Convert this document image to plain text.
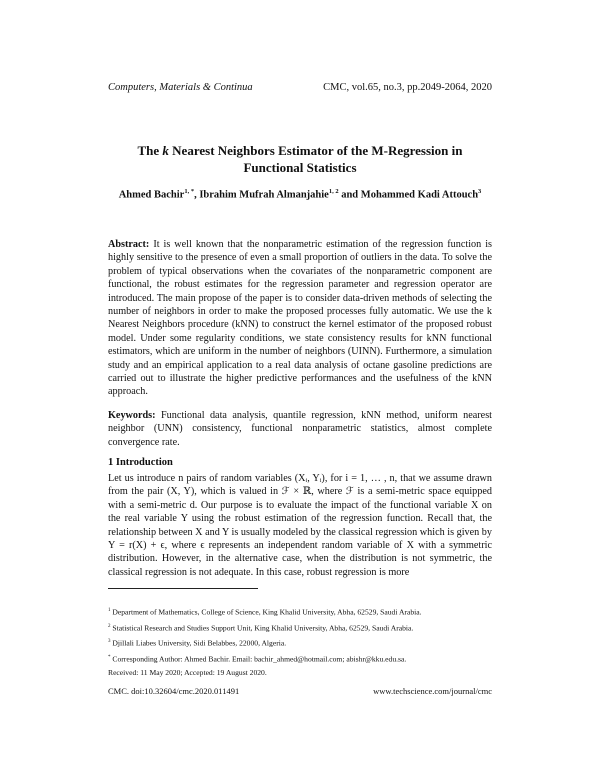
Computers, Materials & Continua	CMC, vol.65, no.3, pp.2049-2064, 2020
The k Nearest Neighbors Estimator of the M-Regression in
Functional Statistics
Ahmed Bachir$^{1, *}$, Ibrahim Mufrah Almanjahie$^{1, 2}$ and Mohammed Kadi Attouch$^3$
Abstract: It is well known that the nonparametric estimation of the regression function is highly sensitive to the presence of even a small proportion of outliers in the data. To solve the problem of typical observations when the covariates of the nonparametric component are functional, the robust estimates for the regression parameter and regression operator are introduced. The main propose of the paper is to consider data-driven methods of selecting the number of neighbors in order to make the proposed processes fully automatic. We use the k Nearest Neighbors procedure (kNN) to construct the kernel estimator of the proposed robust model. Under some regularity conditions, we state consistency results for kNN functional estimators, which are uniform in the number of neighbors (UINN). Furthermore, a simulation study and an empirical application to a real data analysis of octane gasoline predictions are carried out to illustrate the higher predictive performances and the usefulness of the kNN approach.
Keywords: Functional data analysis, quantile regression, kNN method, uniform nearest neighbor (UNN) consistency, functional nonparametric statistics, almost complete convergence rate.
1 Introduction
Let us introduce n pairs of random variables (Xᵢ, Yᵢ), for i = 1, … , n, that we assume drawn from the pair (X, Y), which is valued in ℱ × ℝ, where ℱ is a semi-metric space equipped with a semi-metric d. Our purpose is to evaluate the impact of the functional variable X on the real variable Y using the robust estimation of the regression function. Recall that, the relationship between X and Y is usually modeled by the classical regression which is given by Y = r(X) + ϵ, where ϵ represents an independent random variable of X with a symmetric distribution. However, in the alternative case, when the distribution is not symmetric, the classical regression is not adequate. In this case, robust regression is more
$^1$ Department of Mathematics, College of Science, King Khalid University, Abha, 62529, Saudi Arabia.
$^2$ Statistical Research and Studies Support Unit, King Khalid University, Abha, 62529, Saudi Arabia.
$^3$ Djillali Liabes University, Sidi Belabbes, 22000, Algeria.
* Corresponding Author: Ahmed Bachir. Email: bachir_ahmed@hotmail.com; abishr@kku.edu.sa.
Received: 11 May 2020; Accepted: 19 August 2020.
CMC. doi:10.32604/cmc.2020.011491	www.techscience.com/journal/cmc
